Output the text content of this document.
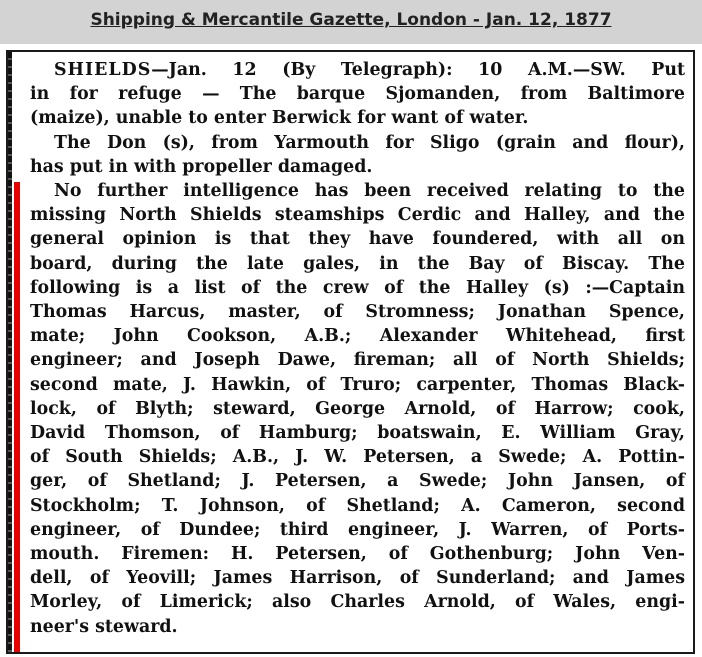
Shipping & Mercantile Gazette, London - Jan. 12, 1877
SHIELDS—Jan. 12 (By Telegraph): 10 A.M.—SW. Put
in for refuge — The barque Sjomanden, from Baltimore
(maize), unable to enter Berwick for want of water.
The Don (s), from Yarmouth for Sligo (grain and flour),
has put in with propeller damaged.
No further intelligence has been received relating to the
missing North Shields steamships Cerdic and Halley, and the
general opinion is that they have foundered, with all on
board, during the late gales, in the Bay of Biscay. The
following is a list of the crew of the Halley (s) :—Captain
Thomas Harcus, master, of Stromness; Jonathan Spence,
mate; John Cookson, A.B.; Alexander Whitehead, first
engineer; and Joseph Dawe, fireman; all of North Shields;
second mate, J. Hawkin, of Truro; carpenter, Thomas Black-
lock, of Blyth; steward, George Arnold, of Harrow; cook,
David Thomson, of Hamburg; boatswain, E. William Gray,
of South Shields; A.B., J. W. Petersen, a Swede; A. Pottin-
ger, of Shetland; J. Petersen, a Swede; John Jansen, of
Stockholm; T. Johnson, of Shetland; A. Cameron, second
engineer, of Dundee; third engineer, J. Warren, of Ports-
mouth. Firemen: H. Petersen, of Gothenburg; John Ven-
dell, of Yeovill; James Harrison, of Sunderland; and James
Morley, of Limerick; also Charles Arnold, of Wales, engi-
neer's steward.
